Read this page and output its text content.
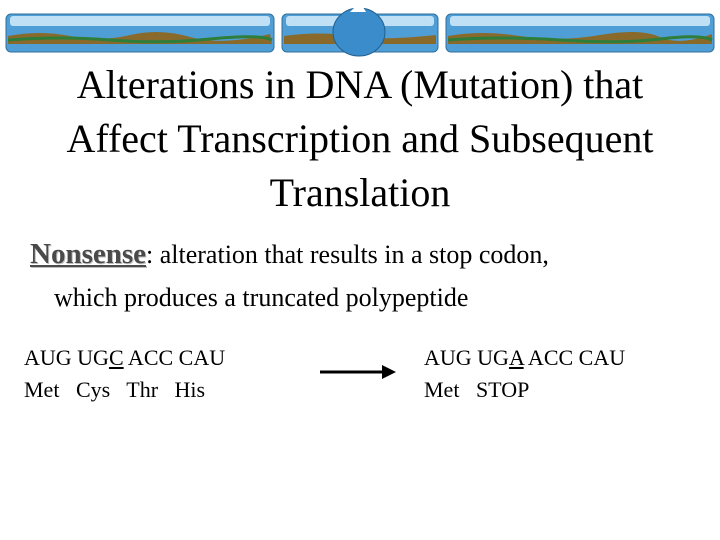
Alterations in DNA (Mutation) that
Affect Transcription and Subsequent
Translation
Nonsense: alteration that results in a stop codon,
which produces a truncated polypeptide
AUG UGC ACC CAU
Met   Cys   Thr   His
AUG UGA ACC CAU
Met   STOP
